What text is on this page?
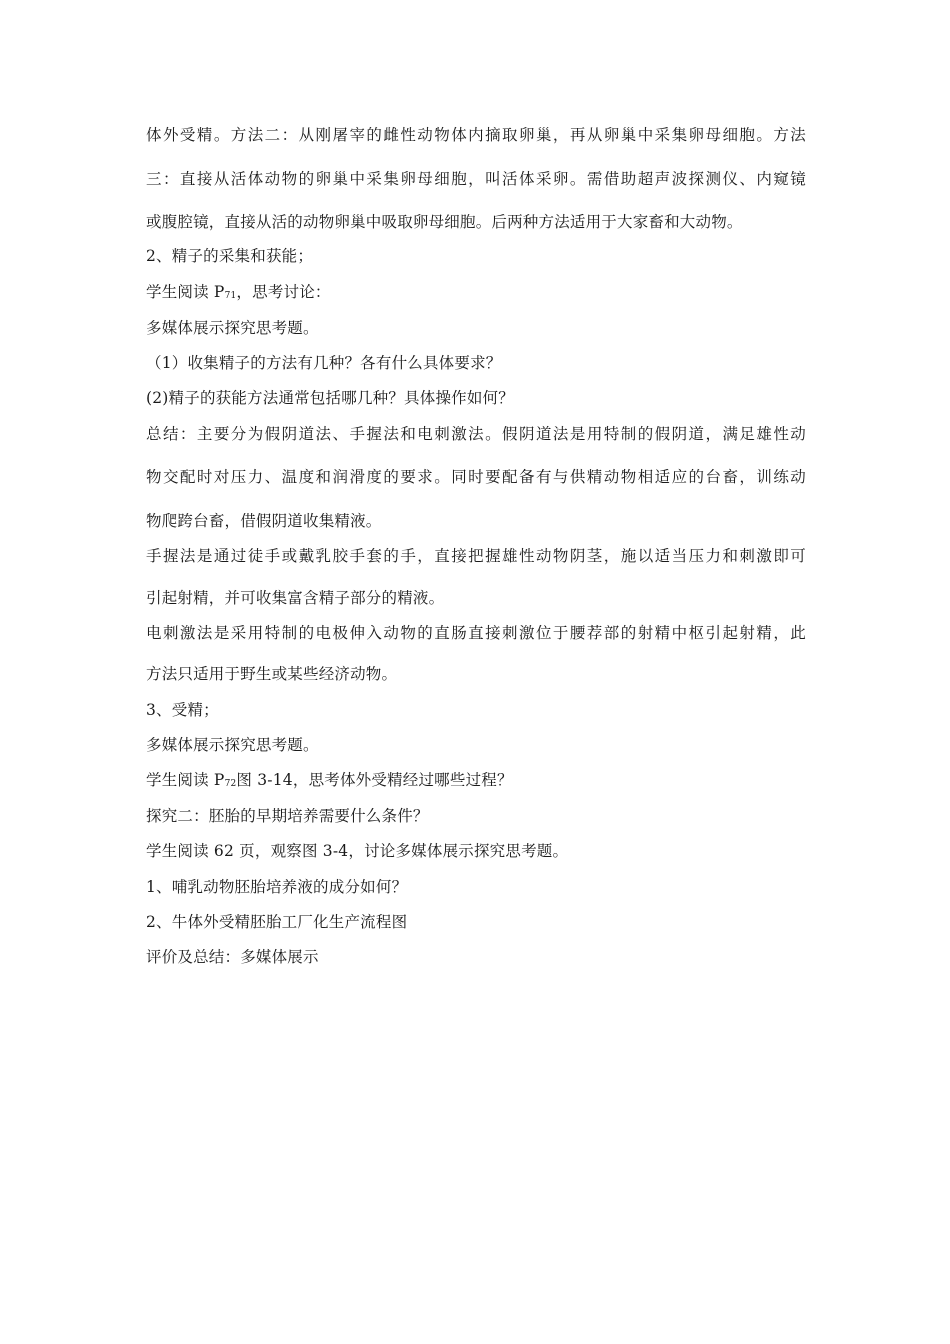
体外受精。方法二：从刚屠宰的雌性动物体内摘取卵巢，再从卵巢中采集卵母细胞。方法
三：直接从活体动物的卵巢中采集卵母细胞，叫活体采卵。需借助超声波探测仪、内窥镜
或腹腔镜，直接从活的动物卵巢中吸取卵母细胞。后两种方法适用于大家畜和大动物。
2、精子的采集和获能；
学生阅读 P71，思考讨论：
多媒体展示探究思考题。
（1）收集精子的方法有几种？各有什么具体要求？
(2)精子的获能方法通常包括哪几种？具体操作如何？
总结：主要分为假阴道法、手握法和电刺激法。假阴道法是用特制的假阴道，满足雄性动
物交配时对压力、温度和润滑度的要求。同时要配备有与供精动物相适应的台畜，训练动
物爬跨台畜，借假阴道收集精液。
手握法是通过徒手或戴乳胶手套的手，直接把握雄性动物阴茎，施以适当压力和刺激即可
引起射精，并可收集富含精子部分的精液。
电刺激法是采用特制的电极伸入动物的直肠直接刺激位于腰荐部的射精中枢引起射精，此
方法只适用于野生或某些经济动物。
3、受精；
多媒体展示探究思考题。
学生阅读 P72图 3-14，思考体外受精经过哪些过程？
探究二：胚胎的早期培养需要什么条件？
学生阅读 62 页，观察图 3-4，讨论多媒体展示探究思考题。
1、哺乳动物胚胎培养液的成分如何？
2、牛体外受精胚胎工厂化生产流程图
评价及总结：多媒体展示
